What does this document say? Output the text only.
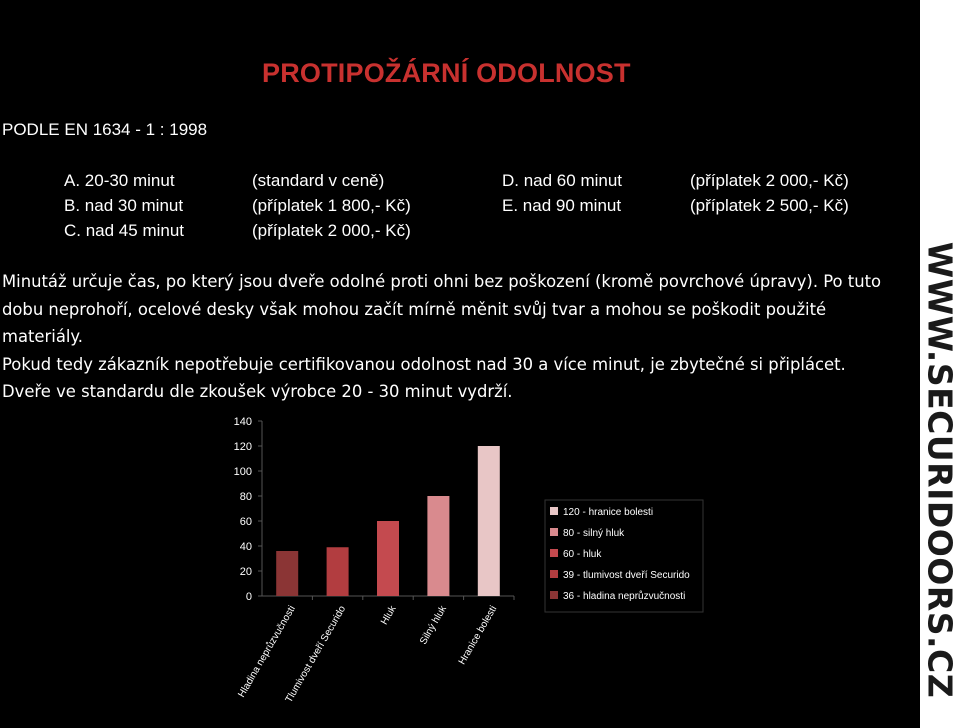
PROTIPOŽÁRNÍ ODOLNOST
PODLE EN 1634 - 1 : 1998
A. 20-30 minut	(standard v ceně)
B. nad 30 minut	(příplatek 1 800,- Kč)
C. nad 45 minut	(příplatek 2 000,- Kč)
D. nad 60 minut	(příplatek 2 000,- Kč)
E. nad 90 minut	(příplatek 2 500,- Kč)

Minutáž určuje čas, po který jsou dveře odolné proti ohni bez poškození (kromě povrchové úpravy). Po tuto dobu neprohoří, ocelové desky však mohou začít mírně měnit svůj tvar a mohou se poškodit použité materiály.

Pokud tedy zákazník nepotřebuje certifikovanou odolnost nad 30 a více minut, je zbytečné si připlácet.

Dveře ve standardu dle zkoušek výrobce 20 - 30 minut vydrží.	WWW.SECURIDOORS.CZ
0
20
40
60
80
100
120
140
Hladina neprůzvučnosti
Tlumivost dveří Securido	Hluk Silný hluk Hranice bolesti
120 - hranice bolesti
80 - silný hluk
60 - hluk
39 - tlumivost dveří Securido
36 - hladina neprůzvučnosti
